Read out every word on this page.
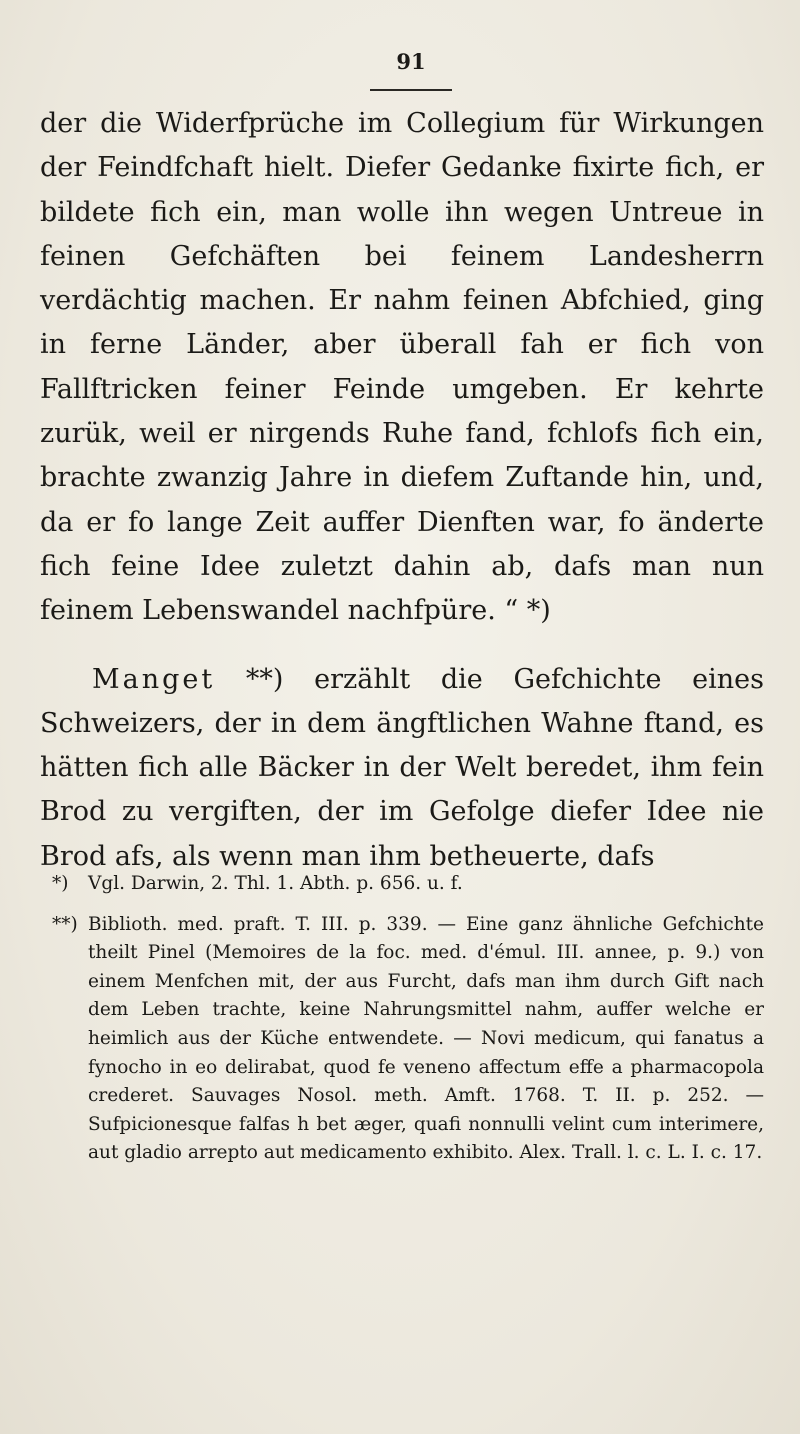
91

der die Widerfprüche im Collegium für Wirkungen der Feindfchaft hielt. Diefer Gedanke fixirte fich, er bildete fich ein, man wolle ihn wegen Untreue in feinen Gefchäften bei feinem Landesherrn verdächtig machen. Er nahm feinen Abfchied, ging in ferne Länder, aber überall fah er fich von Fallftricken feiner Feinde umgeben. Er kehrte zurük, weil er nirgends Ruhe fand, fchlofs fich ein, brachte zwanzig Jahre in diefem Zuftande hin, und, da er fo lange Zeit auffer Dienften war, fo änderte fich feine Idee zuletzt dahin ab, dafs man nun feinem Lebenswandel nachfpüre. “ *)

Manget **) erzählt die Gefchichte eines Schweizers, der in dem ängftlichen Wahne ftand, es hätten fich alle Bäcker in der Welt beredet, ihm fein Brod zu vergiften, der im Gefolge diefer Idee nie Brod afs, als wenn man ihm betheuerte, dafs

*) Vgl. Darwin, 2. Thl. 1. Abth. p. 656. u. f.

**) Biblioth. med. praft. T. III. p. 339. — Eine ganz ähnliche Gefchichte theilt Pinel (Memoires de la foc. med. d'émul. III. annee, p. 9.) von einem Menfchen mit, der aus Furcht, dafs man ihm durch Gift nach dem Leben trachte, keine Nahrungsmittel nahm, auffer welche er heimlich aus der Küche entwendete. — Novi medicum, qui fanatus a fynocho in eo delirabat, quod fe veneno affectum effe a pharmacopola crederet. Sauvages Nosol. meth. Amft. 1768. T. II. p. 252. — Sufpicionesque falfas h bet æger, quafi nonnulli velint cum interimere, aut gladio arrepto aut medicamento exhibito. Alex. Trall. l. c. L. I. c. 17.
